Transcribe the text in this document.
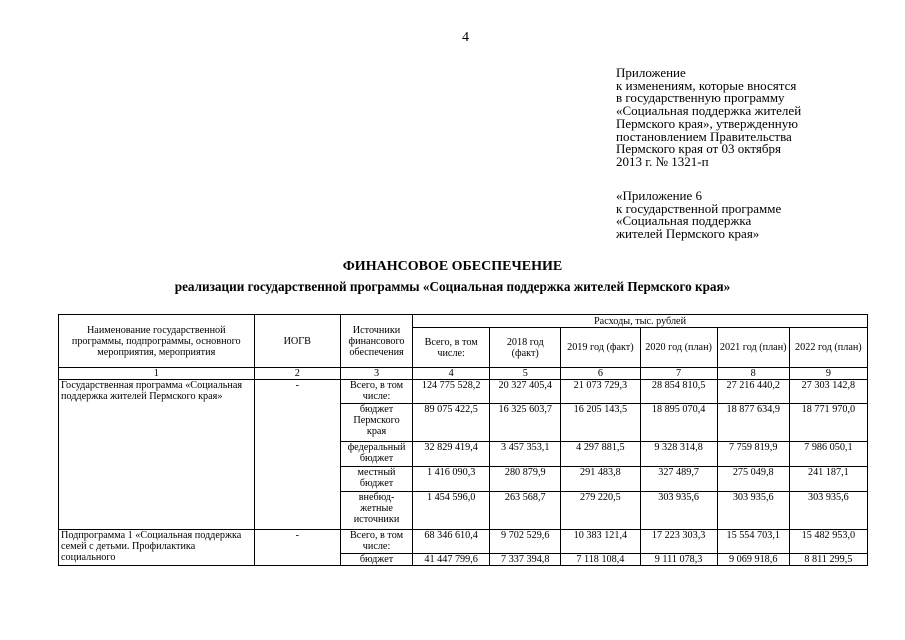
4
Приложение
к изменениям, которые вносятся
в государственную программу
«Социальная поддержка жителей
Пермского края», утвержденную
постановлением Правительства
Пермского края от 03 октября
2013 г. № 1321-п
«Приложение 6
к государственной программе
«Социальная поддержка
жителей Пермского края»
ФИНАНСОВОЕ ОБЕСПЕЧЕНИЕ
реализации государственной программы «Социальная поддержка жителей Пермского края»
Наименование государственной программы, подпрограммы, основного мероприятия, мероприятия	ИОГВ	Источники финансового обеспечения	Расходы, тыс. рублей					
			Всего, в том числе:	2018 год (факт)	2019 год (факт)	2020 год (план)	2021 год (план)	2022 год (план)
1	2	3	4	5	6	7	8	9
Государственная программа «Социальная поддержка жителей Пермского края»	-	Всего, в том числе:	124 775 528,2	20 327 405,4	21 073 729,3	28 854 810,5	27 216 440,2	27 303 142,8
		бюджет Пермского края	89 075 422,5	16 325 603,7	16 205 143,5	18 895 070,4	18 877 634,9	18 771 970,0
		федеральный бюджет	32 829 419,4	3 457 353,1	4 297 881,5	9 328 314,8	7 759 819,9	7 986 050,1
		местный бюджет	1 416 090,3	280 879,9	291 483,8	327 489,7	275 049,8	241 187,1
		внебюд-жетные источники	1 454 596,0	263 568,7	279 220,5	303 935,6	303 935,6	303 935,6
Подпрограмма 1 «Социальная поддержка семей с детьми. Профилактика социального	-	Всего, в том числе:	68 346 610,4	9 702 529,6	10 383 121,4	17 223 303,3	15 554 703,1	15 482 953,0
		бюджет	41 447 799,6	7 337 394,8	7 118 108,4	9 111 078,3	9 069 918,6	8 811 299,5
